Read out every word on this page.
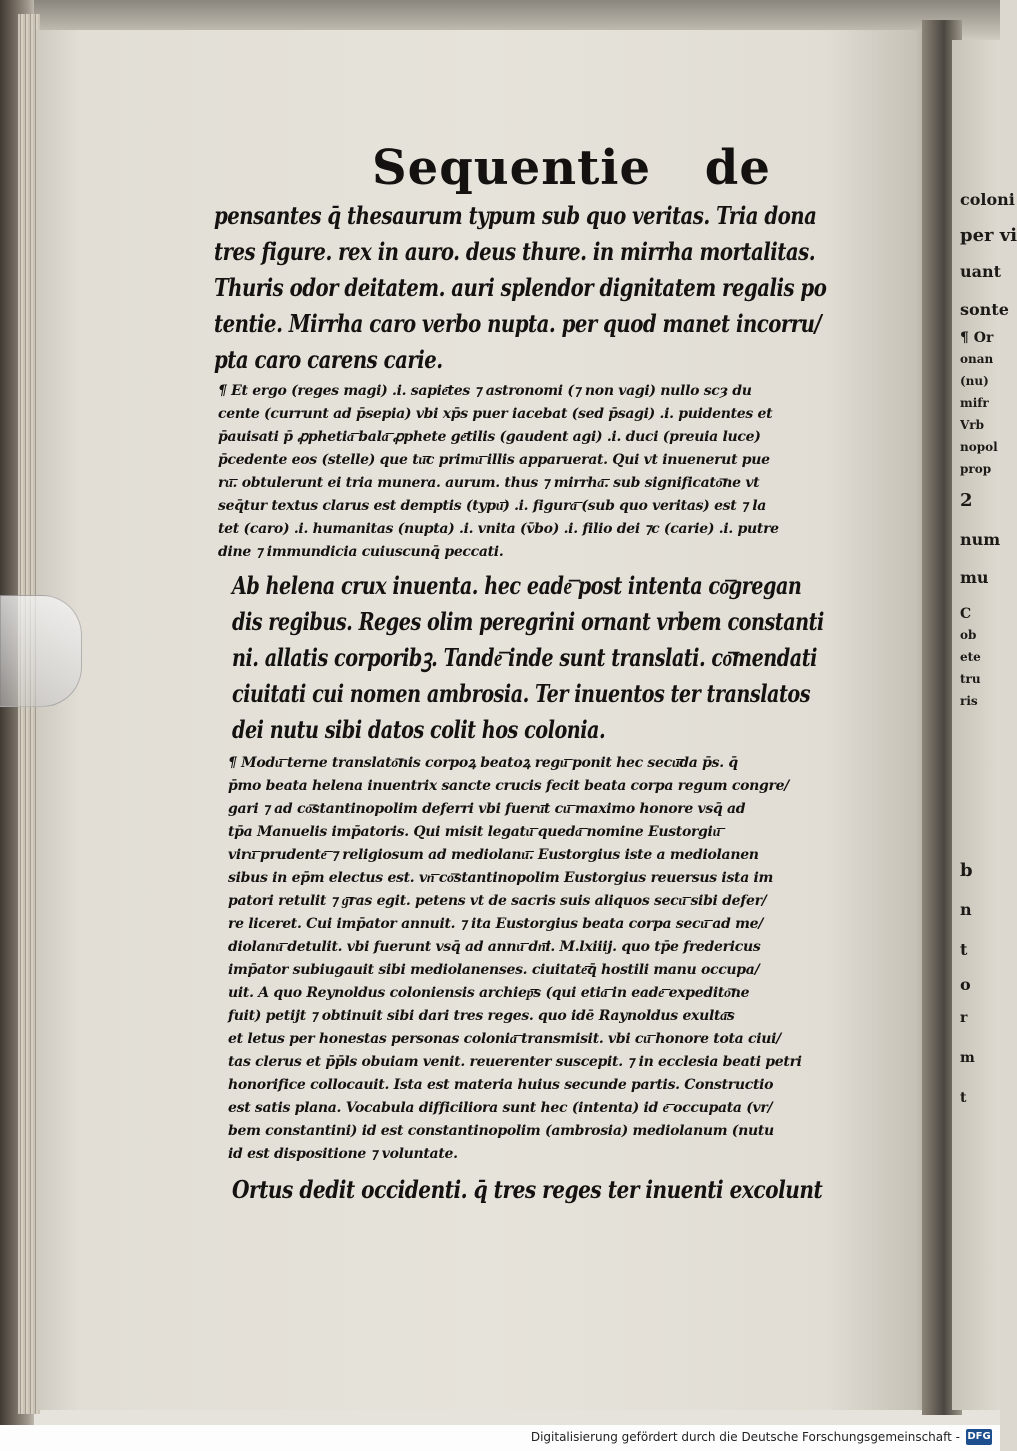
coloni
per vi
uant
sonte
¶ Or
onan
(nu)
mifr
Vrb
nopol
prop
2
num
mu
C
ob
ete
tru
ris
b
n
t
o
r
m
t
Sequentie de
pensantes q̄ thesaurum typum sub quo veritas. Tria dona
tres figure. rex in auro. deus thure. in mirrha mortalitas.
Thuris odor deitatem. auri splendor dignitatem regalis po
tentie. Mirrha caro verbo nupta. per quod manet incorru/
pta caro carens carie.
¶ Et ergo (reges magi) .i. sapie͞tes ⁊ astronomi (⁊ non vagi) nullo scȝ du
cente (currunt ad p̄sepia) vbi xp̄s puer iacebat (sed p̄sagi) .i. puidentes et
p̄auisati p̄ ꝓphetia͞ bala͞ ꝓphete ge͞tilis (gaudent agi) .i. duci (preuia luce)
p̄cedente eos (stelle) que tu͞c primu͞ illis apparuerat. Qui vt inuenerut pue
ru͞. obtulerunt ei tria munera. aurum. thus ⁊ mirrha͞. sub significato͞ne vt
seq̄tur textus clarus est demptis (typu͞) .i. figura͞ (sub quo veritas) est ⁊ la
tet (caro) .i. humanitas (nupta) .i. vnita (v̄bo) .i. filio dei ⁊c (carie) .i. putre
dine ⁊ immundicia cuiuscunq̄ peccati.
Ab helena crux inuenta. hec eade͞ post intenta co͞gregan
dis regibus. Reges olim peregrini ornant vrbem constanti
ni. allatis corporibꝫ. Tande͞ inde sunt translati. co͞mendati
ciuitati cui nomen ambrosia. Ter inuentos ter translatos
dei nutu sibi datos colit hos colonia.
¶ Modu͞ terne translato͞nis corpoꝝ beatoꝝ regu͞ ponit hec secu͞da p̄s. q̄
p̄mo beata helena inuentrix sancte crucis fecit beata corpa regum congre/
gari ⁊ ad co͞stantinopolim deferri vbi fueru͞t cu͞ maximo honore vsq̄ ad
tp̄a Manuelis imp̄atoris. Qui misit legatu͞ queda͞ nomine Eustorgiu͞
viru͞ prudente͞ ⁊ religiosum ad mediolanu͞. Eustorgius iste a mediolanen
sibus in ep̄m electus est. vn͞ co͞stantinopolim Eustorgius reuersus ista im
patori retulit ⁊ g͞ras egit. petens vt de sacris suis aliquos secu͞ sibi defer/
re liceret. Cui imp̄ator annuit. ⁊ ita Eustorgius beata corpa secu͞ ad me/
diolanu͞ detulit. vbi fuerunt vsq̄ ad annu͞ dn͞i. M.lxiiij. quo tp̄e fredericus
imp̄ator subiugauit sibi mediolanenses. ciuitate͞q̄ hostili manu occupa/
uit. A quo Reynoldus coloniensis archiep͞s (qui etia͞ in eade͞ expedito͞ne
fuit) petijt ⁊ obtinuit sibi dari tres reges. quo idē Raynoldus exulta͞s
et letus per honestas personas colonia͞ transmisit. vbi cu͞ honore tota ciui/
tas clerus et p̄p̄ls obuiam venit. reuerenter suscepit. ⁊ in ecclesia beati petri
honorifice collocauit. Ista est materia huius secunde partis. Constructio
est satis plana. Vocabula difficiliora sunt hec (intenta) id e͞ occupata (vr/
bem constantini) id est constantinopolim (ambrosia) mediolanum (nutu
id est dispositione ⁊ voluntate.
Ortus dedit occidenti. q̄ tres reges ter inuenti excolunt
Digitalisierung gefördert durch die Deutsche Forschungsgemeinschaft - DFG
